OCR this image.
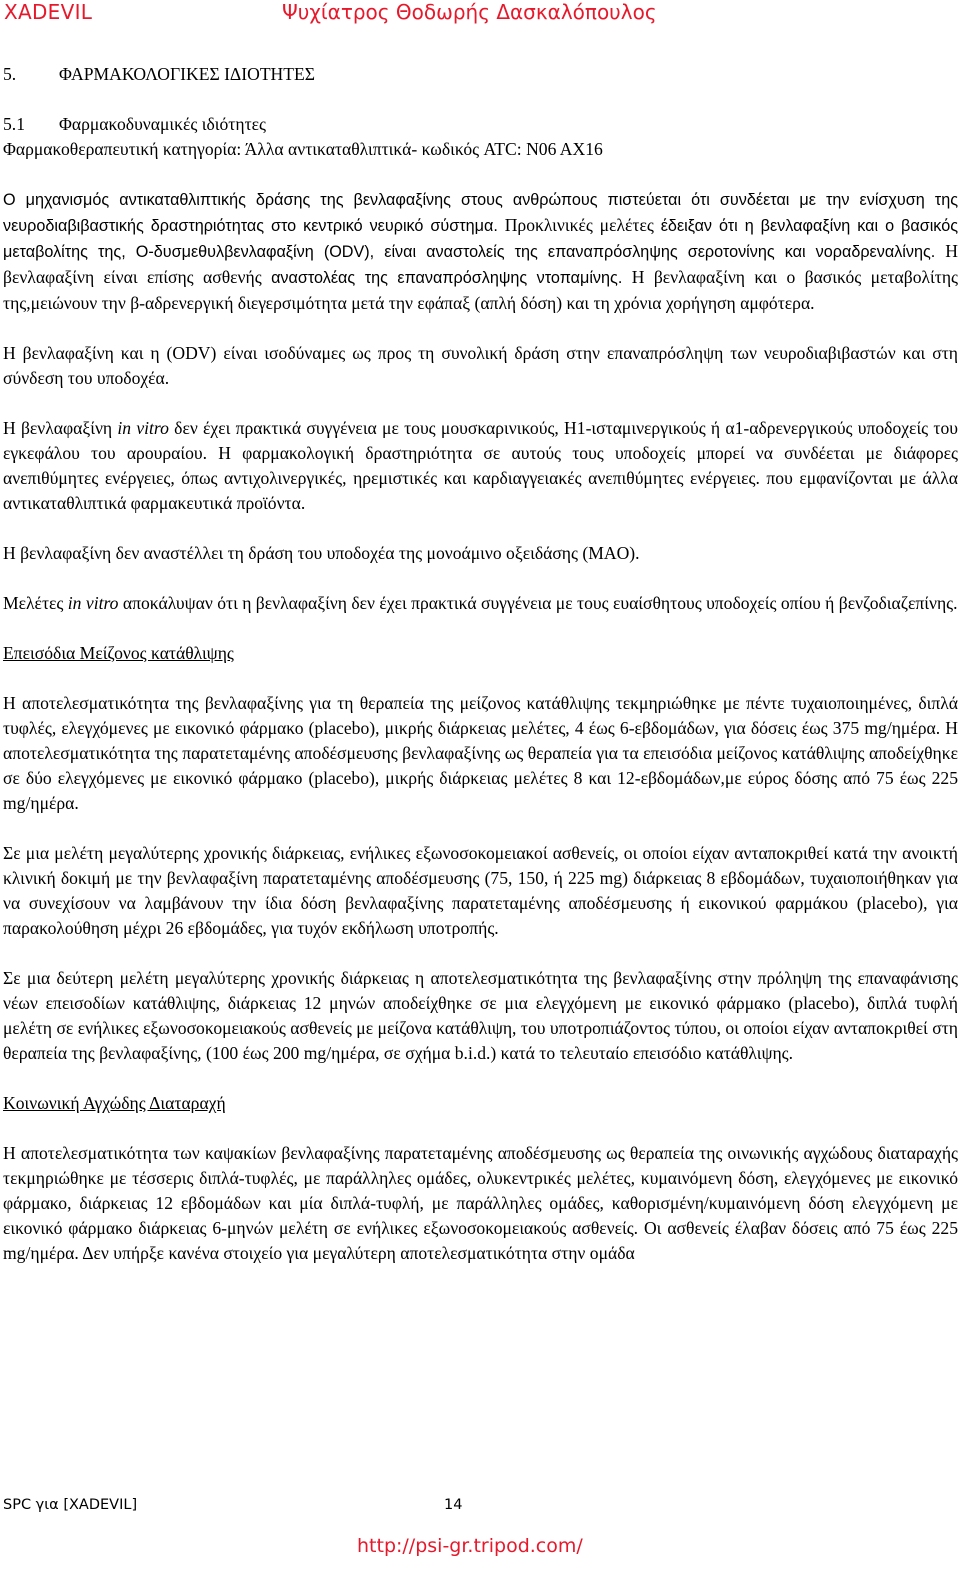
XADEVIL	Ψυχίατρος Θοδωρής Δασκαλόπουλος

5. ΦΑΡΜΑΚΟΛΟΓΙΚΕΣ ΙΔΙΟΤΗΤΕΣ

5.1 Φαρμακοδυναμικές ιδιότητες
Φαρμακοθεραπευτική κατηγορία: Άλλα αντικαταθλιπτικά- κωδικός ATC: N06 AX16

Ο μηχανισμός αντικαταθλιπτικής δράσης της βενλαφαξίνης στους ανθρώπους πιστεύεται ότι συνδέεται με την ενίσχυση της νευροδιαβιβαστικής δραστηριότητας στο κεντρικό νευρικό σύστημα. Προκλινικές μελέτες έδειξαν ότι η βενλαφαξίνη και ο βασικός μεταβολίτης της, Ο-δυσμεθυλβενλαφαξίνη (ODV), είναι αναστολείς της επαναπρόσληψης σεροτονίνης και νοραδρεναλίνης. Η βενλαφαξίνη είναι επίσης ασθενής αναστολέας της επαναπρόσληψης ντοπαμίνης. Η βενλαφαξίνη και ο βασικός μεταβολίτης της,μειώνουν την β-αδρενεργική διεγερσιμότητα μετά την εφάπαξ (απλή δόση) και τη χρόνια χορήγηση αμφότερα.

Η βενλαφαξίνη και η (ODV) είναι ισοδύναμες ως προς τη συνολική δράση στην επαναπρόσληψη των νευροδιαβιβαστών και στη σύνδεση του υποδοχέα.

Η βενλαφαξίνη in vitro δεν έχει πρακτικά συγγένεια με τους μουσκαρινικούς, Η1-ισταμινεργικούς ή α1-αδρενεργικούς υποδοχείς του εγκεφάλου του αρουραίου. Η φαρμακολογική δραστηριότητα σε αυτούς τους υποδοχείς μπορεί να συνδέεται με διάφορες ανεπιθύμητες ενέργειες, όπως αντιχολινεργικές, ηρεμιστικές και καρδιαγγειακές ανεπιθύμητες ενέργειες. που εμφανίζονται με άλλα αντικαταθλιπτικά φαρμακευτικά προϊόντα.

Η βενλαφαξίνη δεν αναστέλλει τη δράση του υποδοχέα της μονοάμινο οξειδάσης (MAO).

Μελέτες in vitro αποκάλυψαν ότι η βενλαφαξίνη δεν έχει πρακτικά συγγένεια με τους ευαίσθητους υποδοχείς οπίου ή βενζοδιαζεπίνης.

Επεισόδια Μείζονος κατάθλιψης

Η αποτελεσματικότητα της βενλαφαξίνης για τη θεραπεία της μείζονος κατάθλιψης τεκμηριώθηκε με πέντε τυχαιοποιημένες, διπλά τυφλές, ελεγχόμενες με εικονικό φάρμακο (placebo), μικρής διάρκειας μελέτες, 4 έως 6-εβδομάδων, για δόσεις έως 375 mg/ημέρα. Η αποτελεσματικότητα της παρατεταμένης αποδέσμευσης βενλαφαξίνης ως θεραπεία για τα επεισόδια μείζονος κατάθλιψης αποδείχθηκε σε δύο ελεγχόμενες με εικονικό φάρμακο (placebo), μικρής διάρκειας μελέτες 8 και 12-εβδομάδων,με εύρος δόσης από 75 έως 225 mg/ημέρα.

Σε μια μελέτη μεγαλύτερης χρονικής διάρκειας, ενήλικες εξωνοσοκομειακοί ασθενείς, οι οποίοι είχαν ανταποκριθεί κατά την ανοικτή κλινική δοκιμή με την βενλαφαξίνη παρατεταμένης αποδέσμευσης (75, 150, ή 225 mg) διάρκειας 8 εβδομάδων, τυχαιοποιήθηκαν για να συνεχίσουν να λαμβάνουν την ίδια δόση βενλαφαξίνης παρατεταμένης αποδέσμευσης ή εικονικού φαρμάκου (placebo), για παρακολούθηση μέχρι 26 εβδομάδες, για τυχόν εκδήλωση υποτροπής.

Σε μια δεύτερη μελέτη μεγαλύτερης χρονικής διάρκειας η αποτελεσματικότητα της βενλαφαξίνης στην πρόληψη της επαναφάνισης νέων επεισοδίων κατάθλιψης, διάρκειας 12 μηνών αποδείχθηκε σε μια ελεγχόμενη με εικονικό φάρμακο (placebo), διπλά τυφλή μελέτη σε ενήλικες εξωνοσοκομειακούς ασθενείς με μείζονα κατάθλιψη, του υποτροπιάζοντος τύπου, οι οποίοι είχαν ανταποκριθεί στη θεραπεία της βενλαφαξίνης, (100 έως 200 mg/ημέρα, σε σχήμα b.i.d.) κατά το τελευταίο επεισόδιο κατάθλιψης.

Κοινωνική Αγχώδης Διαταραχή

Η αποτελεσματικότητα των καψακίων βενλαφαξίνης παρατεταμένης αποδέσμευσης ως θεραπεία της οινωνικής αγχώδους διαταραχής τεκμηριώθηκε με τέσσερις διπλά-τυφλές, με παράλληλες ομάδες, ολυκεντρικές μελέτες, κυμαινόμενη δόση, ελεγχόμενες με εικονικό φάρμακο, διάρκειας 12 εβδομάδων και μία διπλά-τυφλή, με παράλληλες ομάδες, καθορισμένη/κυμαινόμενη δόση ελεγχόμενη με εικονικό φάρμακο διάρκειας 6-μηνών μελέτη σε ενήλικες εξωνοσοκομειακούς ασθενείς. Οι ασθενείς έλαβαν δόσεις από 75 έως 225 mg/ημέρα. Δεν υπήρξε κανένα στοιχείο για μεγαλύτερη αποτελεσματικότητα στην ομάδα

SPC για [XADEVIL]	14
http://psi-gr.tripod.com/
